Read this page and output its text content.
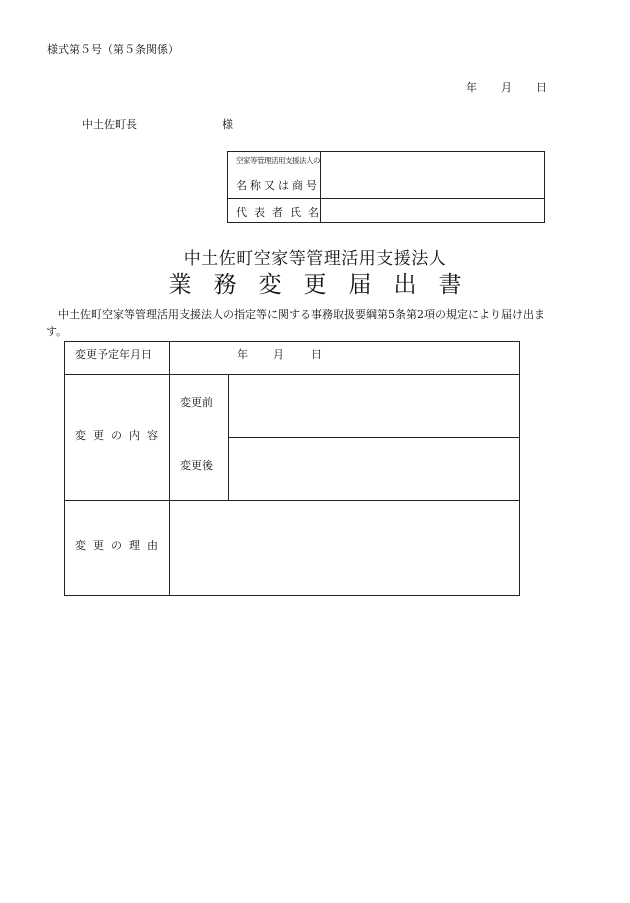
様式第５号（第５条関係）
年 月 日
中土佐町長	様
空家等管理活用支援法人の
名称又は商号
代表者氏名
中土佐町空家等管理活用支援法人
業務変更届出書
中土佐町空家等管理活用支援法人の指定等に関する事務取扱要綱第5条第2項の規定により届け出ます。
変更予定年月日	年 月 日
変更の内容
変更前
変更後
変更の理由
